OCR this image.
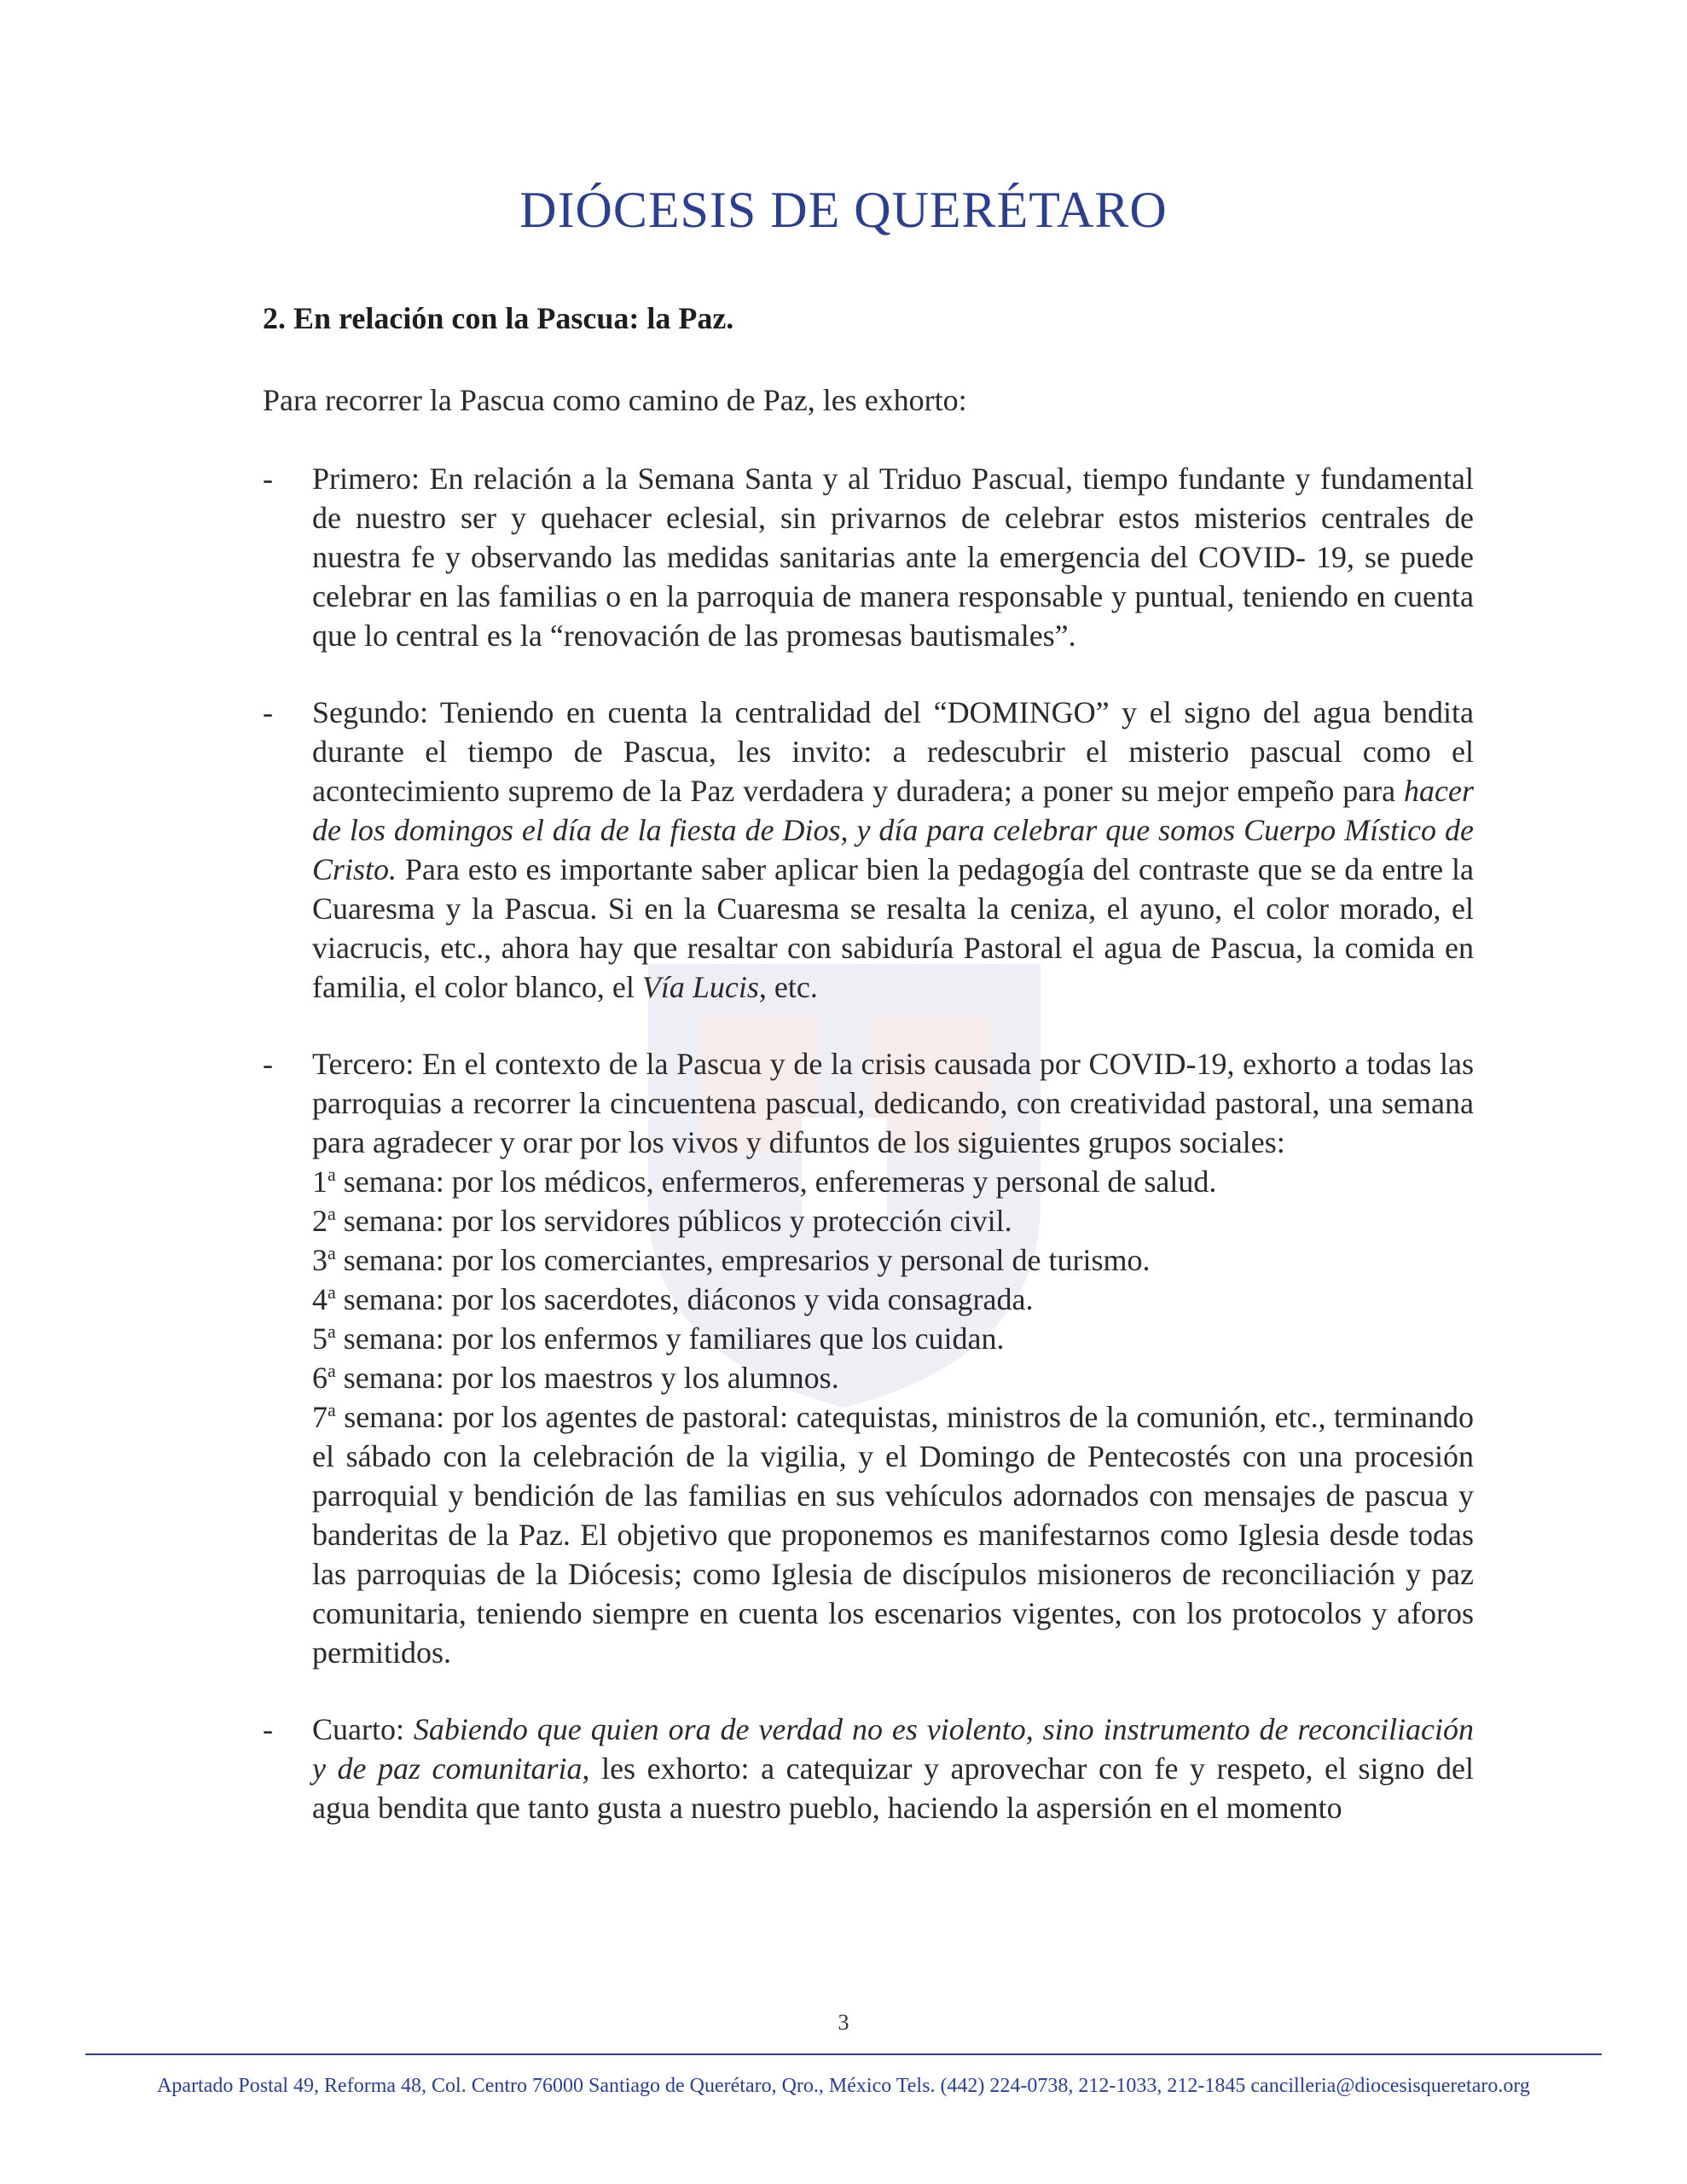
DIÓCESIS DE QUERÉTARO
2. En relación con la Pascua: la Paz.
Para recorrer la Pascua como camino de Paz, les exhorto:
- Primero: En relación a la Semana Santa y al Triduo Pascual, tiempo fundante y fundamental de nuestro ser y quehacer eclesial, sin privarnos de celebrar estos misterios centrales de nuestra fe y observando las medidas sanitarias ante la emergencia del COVID- 19, se puede celebrar en las familias o en la parroquia de manera responsable y puntual, teniendo en cuenta que lo central es la “renovación de las promesas bautismales”.

- Segundo: Teniendo en cuenta la centralidad del “DOMINGO” y el signo del agua bendita durante el tiempo de Pascua, les invito: a redescubrir el misterio pascual como el acontecimiento supremo de la Paz verdadera y duradera; a poner su mejor empeño para hacer de los domingos el día de la fiesta de Dios, y día para celebrar que somos Cuerpo Místico de Cristo. Para esto es importante saber aplicar bien la pedagogía del contraste que se da entre la Cuaresma y la Pascua. Si en la Cuaresma se resalta la ceniza, el ayuno, el color morado, el viacrucis, etc., ahora hay que resaltar con sabiduría Pastoral el agua de Pascua, la comida en familia, el color blanco, el Vía Lucis, etc.

- Tercero: En el contexto de la Pascua y de la crisis causada por COVID-19, exhorto a todas las parroquias a recorrer la cincuentena pascual, dedicando, con creatividad pastoral, una semana para agradecer y orar por los vivos y difuntos de los siguientes grupos sociales:

1$^a$ semana: por los médicos, enfermeros, enferemeras y personal de salud.
2$^a$ semana: por los servidores públicos y protección civil.
3$^a$ semana: por los comerciantes, empresarios y personal de turismo.
4$^a$ semana: por los sacerdotes, diáconos y vida consagrada.
5$^a$ semana: por los enfermos y familiares que los cuidan.
6$^a$ semana: por los maestros y los alumnos.
7$^a$ semana: por los agentes de pastoral: catequistas, ministros de la comunión, etc., terminando el sábado con la celebración de la vigilia, y el Domingo de Pentecostés con una procesión parroquial y bendición de las familias en sus vehículos adornados con mensajes de pascua y banderitas de la Paz. El objetivo que proponemos es manifestarnos como Iglesia desde todas las parroquias de la Diócesis; como Iglesia de discípulos misioneros de reconciliación y paz comunitaria, teniendo siempre en cuenta los escenarios vigentes, con los protocolos y aforos permitidos.
- Cuarto: Sabiendo que quien ora de verdad no es violento, sino instrumento de reconciliación y de paz comunitaria, les exhorto: a catequizar y aprovechar con fe y respeto, el signo del agua bendita que tanto gusta a nuestro pueblo, haciendo la aspersión en el momento

3
Apartado Postal 49, Reforma 48, Col. Centro 76000 Santiago de Querétaro, Qro., México Tels. (442) 224-0738, 212-1033, 212-1845 cancilleria@diocesisqueretaro.org
